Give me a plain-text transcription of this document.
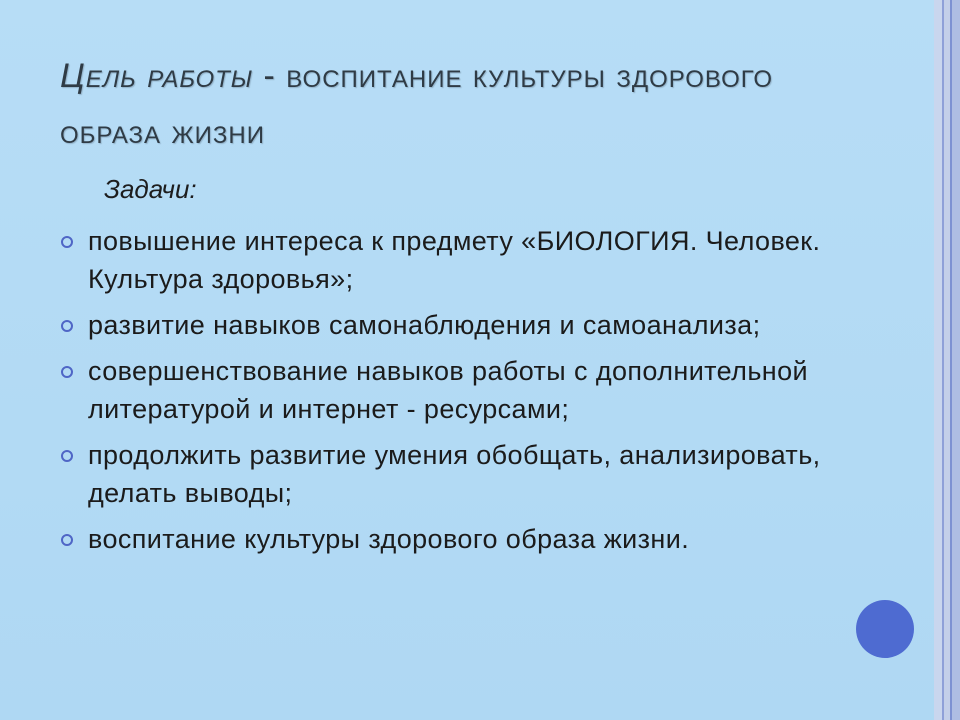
Цель работы - воспитание культуры здорового образа жизни
Задачи:
повышение интереса к предмету «БИОЛОГИЯ. Человек. Культура здоровья»;
развитие навыков самонаблюдения и самоанализа;
совершенствование навыков работы с дополнительной литературой и интернет - ресурсами;
продолжить развитие умения обобщать, анализировать, делать выводы;
воспитание культуры здорового образа жизни.
